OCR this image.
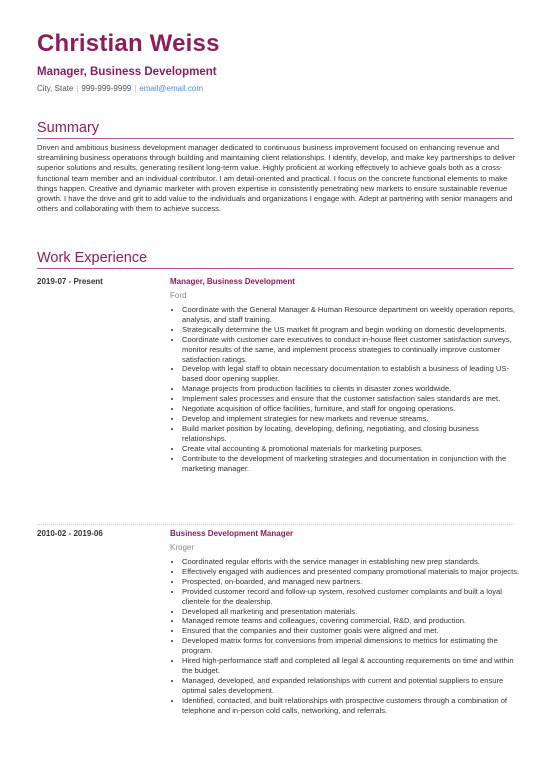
Christian Weiss
Manager, Business Development
City, State | 999-999-9999 | email@email.com
Summary

Driven and ambitious business development manager dedicated to continuous business improvement focused on enhancing revenue and streamlining business operations through building and maintaining client relationships. I identify, develop, and make key partnerships to deliver superior solutions and results, generating resilient long-term value. Highly proficient at working effectively to achieve goals both as a cross-functional team member and an individual contributor. I am detail-oriented and practical. I focus on the concrete functional elements to make things happen. Creative and dynamic marketer with proven expertise in consistently penetrating new markets to ensure sustainable revenue growth. I have the drive and grit to add value to the individuals and organizations I engage with. Adept at partnering with senior managers and others and collaborating with them to achieve success.

Work Experience
2019-07 - Present	Manager, Business Development
Ford
• Coordinate with the General Manager & Human Resource department on weekly operation reports, analysis, and staff training.
• Strategically determine the US market fit program and begin working on domestic developments.
• Coordinate with customer care executives to conduct in-house fleet customer satisfaction surveys, monitor results of the same, and implement process strategies to continually improve customer satisfaction ratings.
• Develop with legal staff to obtain necessary documentation to establish a business of leading US-based door opening supplier.
• Manage projects from production facilities to clients in disaster zones worldwide.
• Implement sales processes and ensure that the customer satisfaction sales standards are met.
• Negotiate acquisition of office facilities, furniture, and staff for ongoing operations.
• Develop and implement strategies for new markets and revenue streams.
• Build market position by locating, developing, defining, negotiating, and closing business relationships.
• Create vital accounting & promotional materials for marketing purposes.
• Contribute to the development of marketing strategies and documentation in conjunction with the marketing manager.
2010-02 - 2019-06	Business Development Manager
Kroger
• Coordinated regular efforts with the service manager in establishing new prep standards.
• Effectively engaged with audiences and presented company promotional materials to major projects.
• Prospected, on-boarded, and managed new partners.
• Provided customer record and follow-up system, resolved customer complaints and built a loyal clientele for the dealership.
• Developed all marketing and presentation materials.
• Managed remote teams and colleagues, covering commercial, R&D, and production.
• Ensured that the companies and their customer goals were aligned and met.
• Developed matrix forms for conversions from imperial dimensions to metrics for estimating the program.
• Hired high-performance staff and completed all legal & accounting requirements on time and within the budget.
• Managed, developed, and expanded relationships with current and potential suppliers to ensure optimal sales development.
• Identified, contacted, and built relationships with prospective customers through a combination of telephone and in-person cold calls, networking, and referrals.
